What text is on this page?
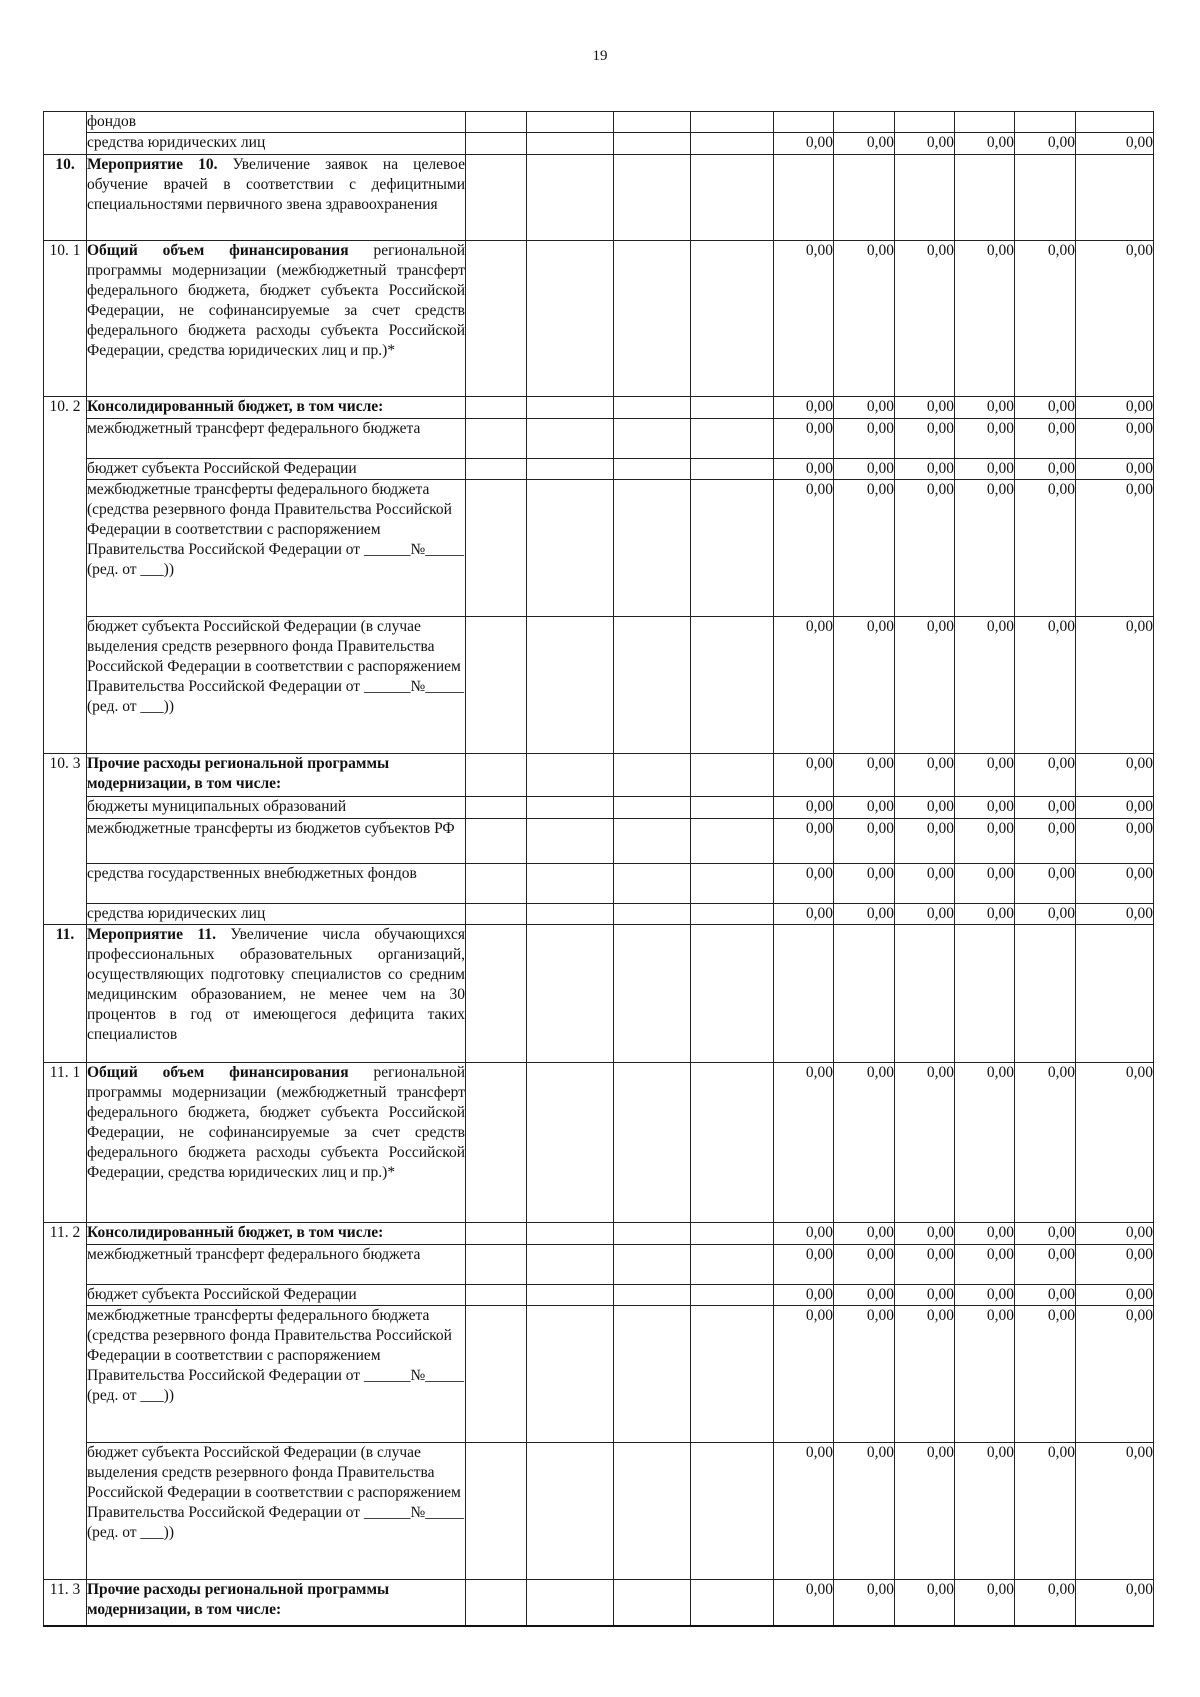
19
	фондов										
	средства юридических лиц					0,00	0,00	0,00	0,00	0,00	0,00
10.	Мероприятие 10. Увеличение заявок на целевое обучение врачей в соответствии с дефицитными специальностями первичного звена здравоохранения										
10. 1	Общий объем финансирования региональной программы модернизации (межбюджетный трансферт федерального бюджета, бюджет субъекта Российской Федерации, не софинансируемые за счет средств федерального бюджета расходы субъекта Российской Федерации, средства юридических лиц и пр.)*					0,00	0,00	0,00	0,00	0,00	0,00
10. 2	Консолидированный бюджет, в том числе:					0,00	0,00	0,00	0,00	0,00	0,00
	межбюджетный трансферт федерального бюджета					0,00	0,00	0,00	0,00	0,00	0,00
	бюджет субъекта Российской Федерации					0,00	0,00	0,00	0,00	0,00	0,00
	межбюджетные трансферты федерального бюджета (средства резервного фонда Правительства Российской Федерации в соответствии с распоряжением Правительства Российской Федерации от ______№_____ (ред. от ___))					0,00	0,00	0,00	0,00	0,00	0,00
	бюджет субъекта Российской Федерации (в случае выделения средств резервного фонда Правительства Российской Федерации в соответствии с распоряжением Правительства Российской Федерации от ______№_____ (ред. от ___))					0,00	0,00	0,00	0,00	0,00	0,00
10. 3	Прочие расходы региональной программы модернизации, в том числе:					0,00	0,00	0,00	0,00	0,00	0,00
	бюджеты муниципальных образований					0,00	0,00	0,00	0,00	0,00	0,00
	межбюджетные трансферты из бюджетов субъектов РФ					0,00	0,00	0,00	0,00	0,00	0,00
	средства государственных внебюджетных фондов					0,00	0,00	0,00	0,00	0,00	0,00
	средства юридических лиц					0,00	0,00	0,00	0,00	0,00	0,00
11.	Мероприятие 11. Увеличение числа обучающихся профессиональных образовательных организаций, осуществляющих подготовку специалистов со средним медицинским образованием, не менее чем на 30 процентов в год от имеющегося дефицита таких специалистов										
11. 1	Общий объем финансирования региональной программы модернизации (межбюджетный трансферт федерального бюджета, бюджет субъекта Российской Федерации, не софинансируемые за счет средств федерального бюджета расходы субъекта Российской Федерации, средства юридических лиц и пр.)*					0,00	0,00	0,00	0,00	0,00	0,00
11. 2	Консолидированный бюджет, в том числе:					0,00	0,00	0,00	0,00	0,00	0,00
	межбюджетный трансферт федерального бюджета					0,00	0,00	0,00	0,00	0,00	0,00
	бюджет субъекта Российской Федерации					0,00	0,00	0,00	0,00	0,00	0,00
	межбюджетные трансферты федерального бюджета (средства резервного фонда Правительства Российской Федерации в соответствии с распоряжением Правительства Российской Федерации от ______№_____ (ред. от ___))					0,00	0,00	0,00	0,00	0,00	0,00
	бюджет субъекта Российской Федерации (в случае выделения средств резервного фонда Правительства Российской Федерации в соответствии с распоряжением Правительства Российской Федерации от ______№_____ (ред. от ___))					0,00	0,00	0,00	0,00	0,00	0,00
11. 3	Прочие расходы региональной программы модернизации, в том числе:					0,00	0,00	0,00	0,00	0,00	0,00
